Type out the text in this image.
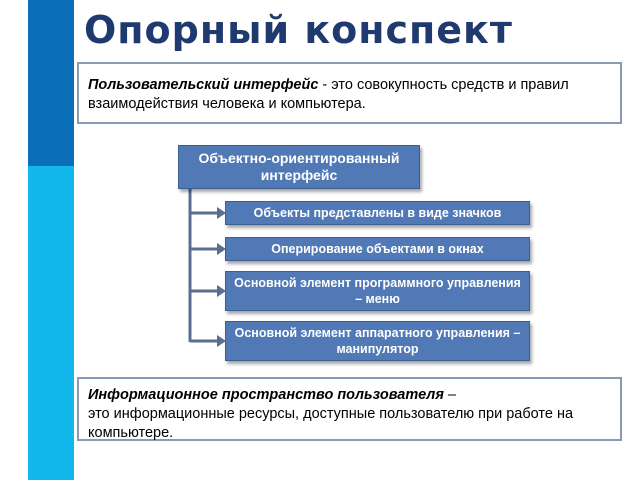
Опорный конспект
Пользовательский интерфейс - это совокупность средств и правил взаимодействия человека и компьютера.
Объектно-ориентированный интерфейс
Объекты представлены в виде значков
Оперирование объектами в окнах
Основной элемент программного управления – меню
Основной элемент аппаратного управления – манипулятор
Информационное пространство пользователя –
это информационные ресурсы, доступные пользователю при работе на компьютере.
